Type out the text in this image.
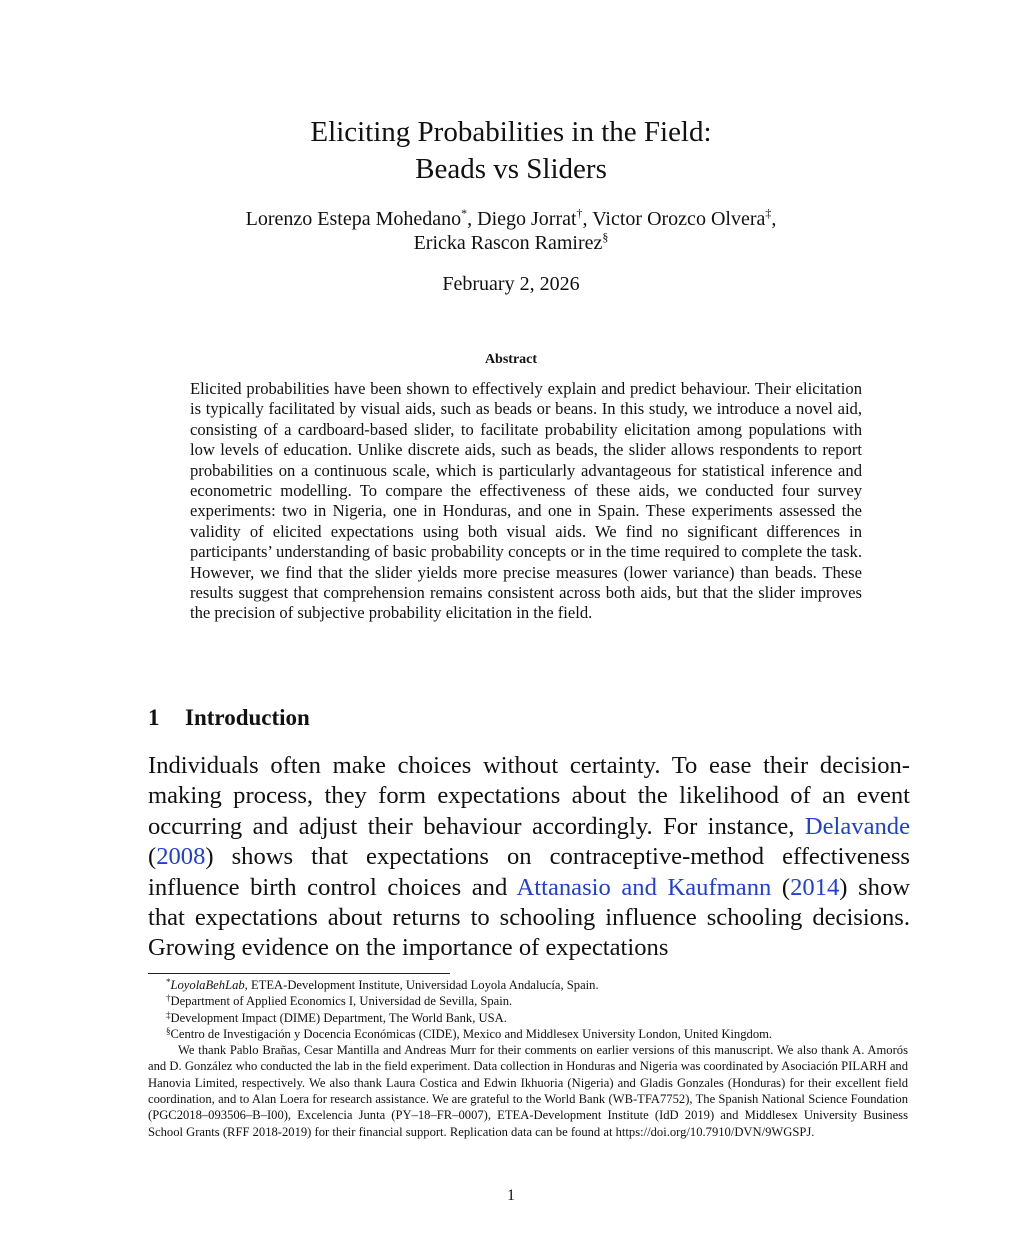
Eliciting Probabilities in the Field:
Beads vs Sliders
Lorenzo Estepa Mohedano*, Diego Jorrat†, Victor Orozco Olvera‡,
Ericka Rascon Ramirez§
February 2, 2026
Abstract
Elicited probabilities have been shown to effectively explain and predict behaviour. Their elicitation is typically facilitated by visual aids, such as beads or beans. In this study, we introduce a novel aid, consisting of a cardboard-based slider, to facilitate probability elicitation among populations with low levels of education. Unlike discrete aids, such as beads, the slider allows respondents to report probabilities on a continuous scale, which is particularly advantageous for statistical inference and econometric modelling. To compare the effectiveness of these aids, we conducted four survey experiments: two in Nigeria, one in Honduras, and one in Spain. These experiments assessed the validity of elicited expectations using both visual aids. We find no significant differences in participants’ understanding of basic probability concepts or in the time required to complete the task. However, we find that the slider yields more precise measures (lower variance) than beads. These results suggest that comprehension remains consistent across both aids, but that the slider improves the precision of subjective probability elicitation in the field.
1 Introduction
Individuals often make choices without certainty. To ease their decision-making process, they form expectations about the likelihood of an event occurring and adjust their behaviour accordingly. For instance, Delavande (2008) shows that expectations on contraceptive-method effectiveness influence birth control choices and Attanasio and Kaufmann (2014) show that expectations about returns to schooling influence schooling decisions. Growing evidence on the importance of expectations
*LoyolaBehLab, ETEA-Development Institute, Universidad Loyola Andalucía, Spain.
†Department of Applied Economics I, Universidad de Sevilla, Spain.
‡Development Impact (DIME) Department, The World Bank, USA.
§Centro de Investigación y Docencia Económicas (CIDE), Mexico and Middlesex University London, United Kingdom.
We thank Pablo Brañas, Cesar Mantilla and Andreas Murr for their comments on earlier versions of this manuscript. We also thank A. Amorós and D. González who conducted the lab in the field experiment. Data collection in Honduras and Nigeria was coordinated by Asociación PILARH and Hanovia Limited, respectively. We also thank Laura Costica and Edwin Ikhuoria (Nigeria) and Gladis Gonzales (Honduras) for their excellent field coordination, and to Alan Loera for research assistance. We are grateful to the World Bank (WB-TFA7752), The Spanish National Science Foundation (PGC2018–093506–B–I00), Excelencia Junta (PY–18–FR–0007), ETEA-Development Institute (IdD 2019) and Middlesex University Business School Grants (RFF 2018-2019) for their financial support. Replication data can be found at https://doi.org/10.7910/DVN/9WGSPJ.
1
